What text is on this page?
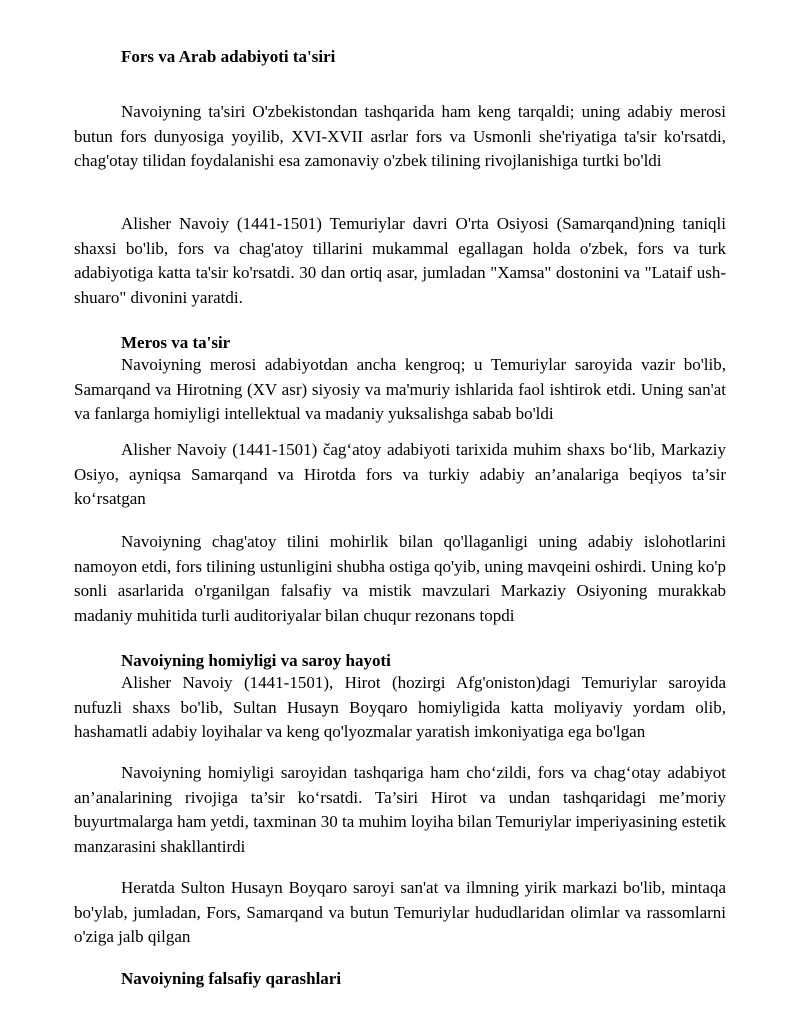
Fors va Arab adabiyoti ta'siri

Navoiyning ta'siri O'zbekistondan tashqarida ham keng tarqaldi; uning adabiy merosi butun fors dunyosiga yoyilib, XVI-XVII asrlar fors va Usmonli she'riyatiga ta'sir ko'rsatdi, chag'otay tilidan foydalanishi esa zamonaviy o'zbek tilining rivojlanishiga turtki bo'ldi

Alisher Navoiy (1441-1501) Temuriylar davri O'rta Osiyosi (Samarqand)ning taniqli shaxsi bo'lib, fors va chag'atoy tillarini mukammal egallagan holda o'zbek, fors va turk adabiyotiga katta ta'sir ko'rsatdi. 30 dan ortiq asar, jumladan "Xamsa" dostonini va "Lataif ush-shuaro" divonini yaratdi.

Meros va ta'sir

Navoiyning merosi adabiyotdan ancha kengroq; u Temuriylar saroyida vazir bo'lib, Samarqand va Hirotning (XV asr) siyosiy va ma'muriy ishlarida faol ishtirok etdi. Uning san'at va fanlarga homiyligi intellektual va madaniy yuksalishga sabab bo'ldi

Alisher Navoiy (1441-1501) čag‘atoy adabiyoti tarixida muhim shaxs bo‘lib, Markaziy Osiyo, ayniqsa Samarqand va Hirotda fors va turkiy adabiy an’analariga beqiyos ta’sir ko‘rsatgan

Navoiyning chag'atoy tilini mohirlik bilan qo'llaganligi uning adabiy islohotlarini namoyon etdi, fors tilining ustunligini shubha ostiga qo'yib, uning mavqeini oshirdi. Uning ko'p sonli asarlarida o'rganilgan falsafiy va mistik mavzulari Markaziy Osiyoning murakkab madaniy muhitida turli auditoriyalar bilan chuqur rezonans topdi

Navoiyning homiyligi va saroy hayoti

Alisher Navoiy (1441-1501), Hirot (hozirgi Afg'oniston)dagi Temuriylar saroyida nufuzli shaxs bo'lib, Sultan Husayn Boyqaro homiyligida katta moliyaviy yordam olib, hashamatli adabiy loyihalar va keng qo'lyozmalar yaratish imkoniyatiga ega bo'lgan

Navoiyning homiyligi saroyidan tashqariga ham cho‘zildi, fors va chag‘otay adabiyot an’analarining rivojiga ta’sir ko‘rsatdi. Ta’siri Hirot va undan tashqaridagi me’moriy buyurtmalarga ham yetdi, taxminan 30 ta muhim loyiha bilan Temuriylar imperiyasining estetik manzarasini shakllantirdi

Heratda Sulton Husayn Boyqaro saroyi san'at va ilmning yirik markazi bo'lib, mintaqa bo'ylab, jumladan, Fors, Samarqand va butun Temuriylar hududlaridan olimlar va rassomlarni o'ziga jalb qilgan

Navoiyning falsafiy qarashlari
